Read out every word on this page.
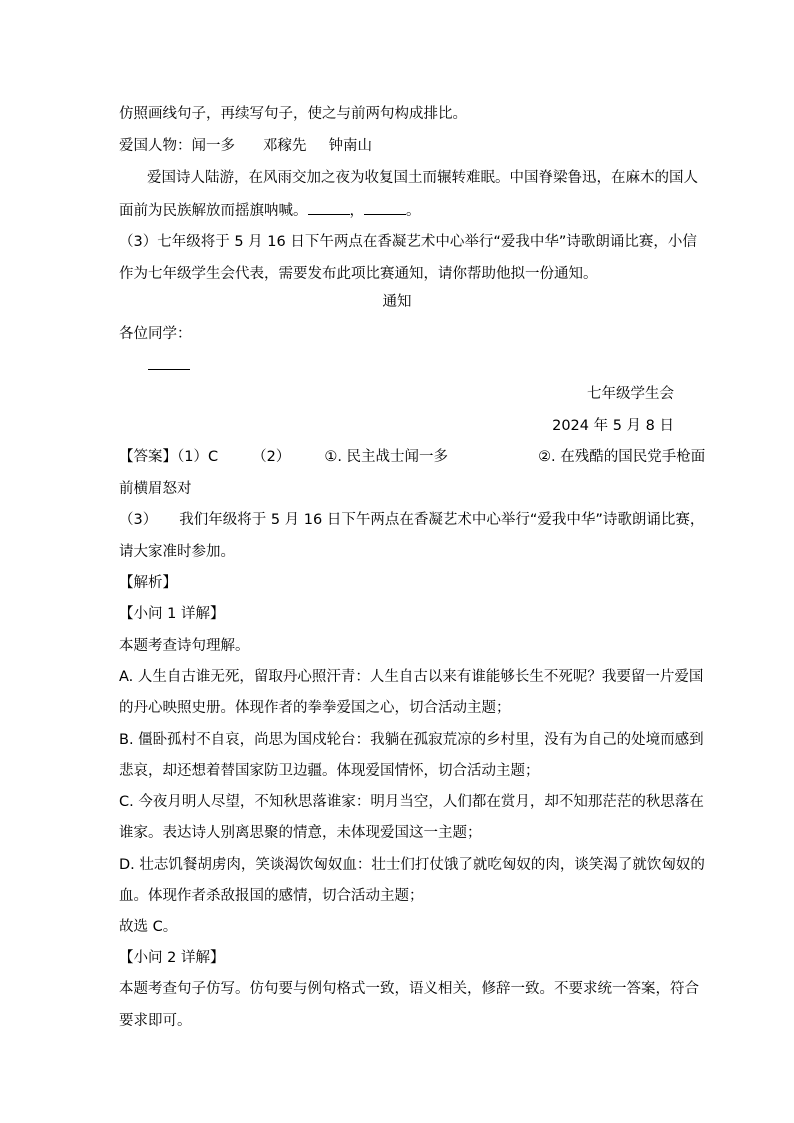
仿照画线句子，再续写句子，使之与前两句构成排比。
爱国人物：闻一多 邓稼先 钟南山
爱国诗人陆游，在风雨交加之夜为收复国土而辗转难眠。中国脊梁鲁迅，在麻木的国人
面前为民族解放而摇旗呐喊。	，	。
（3）七年级将于 5 月 16 日下午两点在香凝艺术中心举行“爱我中华”诗歌朗诵比赛，小信
作为七年级学生会代表，需要发布此项比赛通知，请你帮助他拟一份通知。
通知
各位同学：
七年级学生会
2024 年 5 月 8 日
【答案】（1）C （2） ①. 民主战士闻一多	②. 在残酷的国民党手枪面
前横眉怒对
（3） 我们年级将于 5 月 16 日下午两点在香凝艺术中心举行“爱我中华”诗歌朗诵比赛，
请大家准时参加。
【解析】
【小问 1 详解】
本题考查诗句理解。
A. 人生自古谁无死，留取丹心照汗青：人生自古以来有谁能够长生不死呢？我要留一片爱国
的丹心映照史册。体现作者的拳拳爱国之心，切合活动主题；
B. 僵卧孤村不自哀，尚思为国戍轮台：我躺在孤寂荒凉的乡村里，没有为自己的处境而感到
悲哀，却还想着替国家防卫边疆。体现爱国情怀，切合活动主题；
C. 今夜月明人尽望，不知秋思落谁家：明月当空，人们都在赏月，却不知那茫茫的秋思落在
谁家。表达诗人别离思聚的情意，未体现爱国这一主题；
D. 壮志饥餐胡虏肉，笑谈渴饮匈奴血：壮士们打仗饿了就吃匈奴的肉，谈笑渴了就饮匈奴的
血。体现作者杀敌报国的感情，切合活动主题；
故选 C。
【小问 2 详解】
本题考查句子仿写。仿句要与例句格式一致，语义相关，修辞一致。不要求统一答案，符合
要求即可。
